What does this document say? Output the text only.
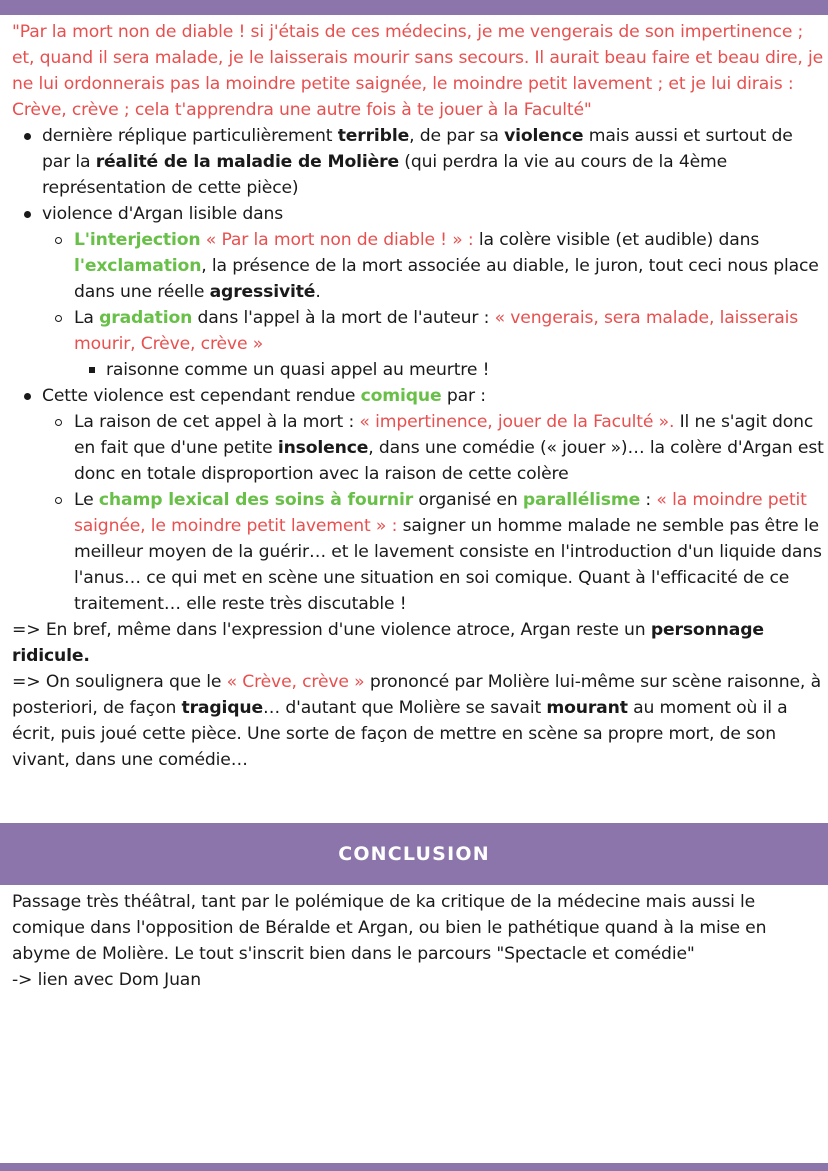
"Par la mort non de diable ! si j'étais de ces médecins, je me vengerais de son impertinence ; et, quand il sera malade, je le laisserais mourir sans secours. Il aurait beau faire et beau dire, je ne lui ordonnerais pas la moindre petite saignée, le moindre petit lavement ; et je lui dirais : Crève, crève ; cela t'apprendra une autre fois à te jouer à la Faculté"

dernière réplique particulièrement terrible, de par sa violence mais aussi et surtout de par la réalité de la maladie de Molière (qui perdra la vie au cours de la 4ème représentation de cette pièce)
violence d'Argan lisible dans
L'interjection « Par la mort non de diable ! » : la colère visible (et audible) dans l'exclamation, la présence de la mort associée au diable, le juron, tout ceci nous place dans une réelle agressivité.
La gradation dans l'appel à la mort de l'auteur : « vengerais, sera malade, laisserais mourir, Crève, crève »
raisonne comme un quasi appel au meurtre !
Cette violence est cependant rendue comique par :
La raison de cet appel à la mort : « impertinence, jouer de la Faculté ». Il ne s'agit donc en fait que d'une petite insolence, dans une comédie (« jouer »)… la colère d'Argan est donc en totale disproportion avec la raison de cette colère
Le champ lexical des soins à fournir organisé en parallélisme : « la moindre petit saignée, le moindre petit lavement » : saigner un homme malade ne semble pas être le meilleur moyen de la guérir… et le lavement consiste en l'introduction d'un liquide dans l'anus… ce qui met en scène une situation en soi comique. Quant à l'efficacité de ce traitement… elle reste très discutable !

=> En bref, même dans l'expression d'une violence atroce, Argan reste un personnage ridicule.

=> On soulignera que le « Crève, crève » prononcé par Molière lui-même sur scène raisonne, à posteriori, de façon tragique… d'autant que Molière se savait mourant au moment où il a écrit, puis joué cette pièce. Une sorte de façon de mettre en scène sa propre mort, de son vivant, dans une comédie…

CONCLUSION

Passage très théâtral, tant par le polémique de ka critique de la médecine mais aussi le comique dans l'opposition de Béralde et Argan, ou bien le pathétique quand à la mise en abyme de Molière. Le tout s'inscrit bien dans le parcours "Spectacle et comédie"

-> lien avec Dom Juan
